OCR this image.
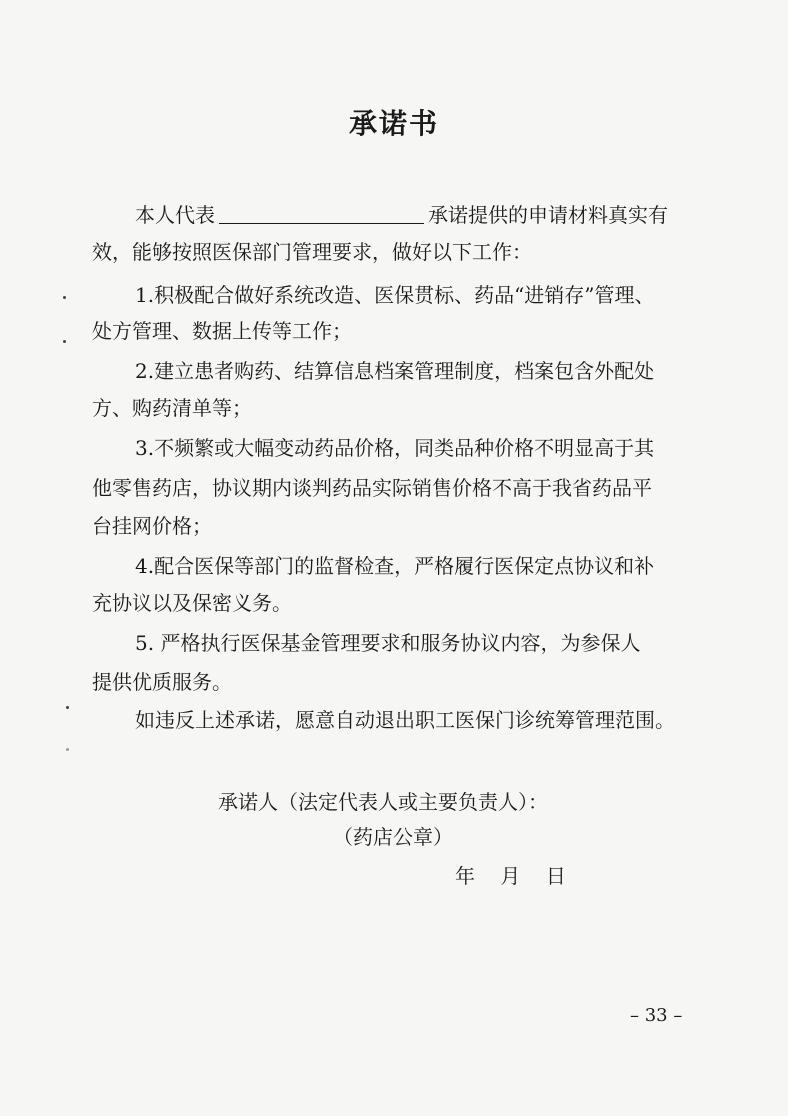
承诺书
本人代表	承诺提供的申请材料真实有
效，能够按照医保部门管理要求，做好以下工作：
1.积极配合做好系统改造、医保贯标、药品“进销存”管理、
处方管理、数据上传等工作；
2.建立患者购药、结算信息档案管理制度，档案包含外配处
方、购药清单等；
3.不频繁或大幅变动药品价格，同类品种价格不明显高于其
他零售药店，协议期内谈判药品实际销售价格不高于我省药品平
台挂网价格；
4.配合医保等部门的监督检查，严格履行医保定点协议和补
充协议以及保密义务。
5. 严格执行医保基金管理要求和服务协议内容，为参保人
提供优质服务。
如违反上述承诺，愿意自动退出职工医保门诊统筹管理范围。
承诺人（法定代表人或主要负责人）：
（药店公章）
年    月    日
– 33 –
